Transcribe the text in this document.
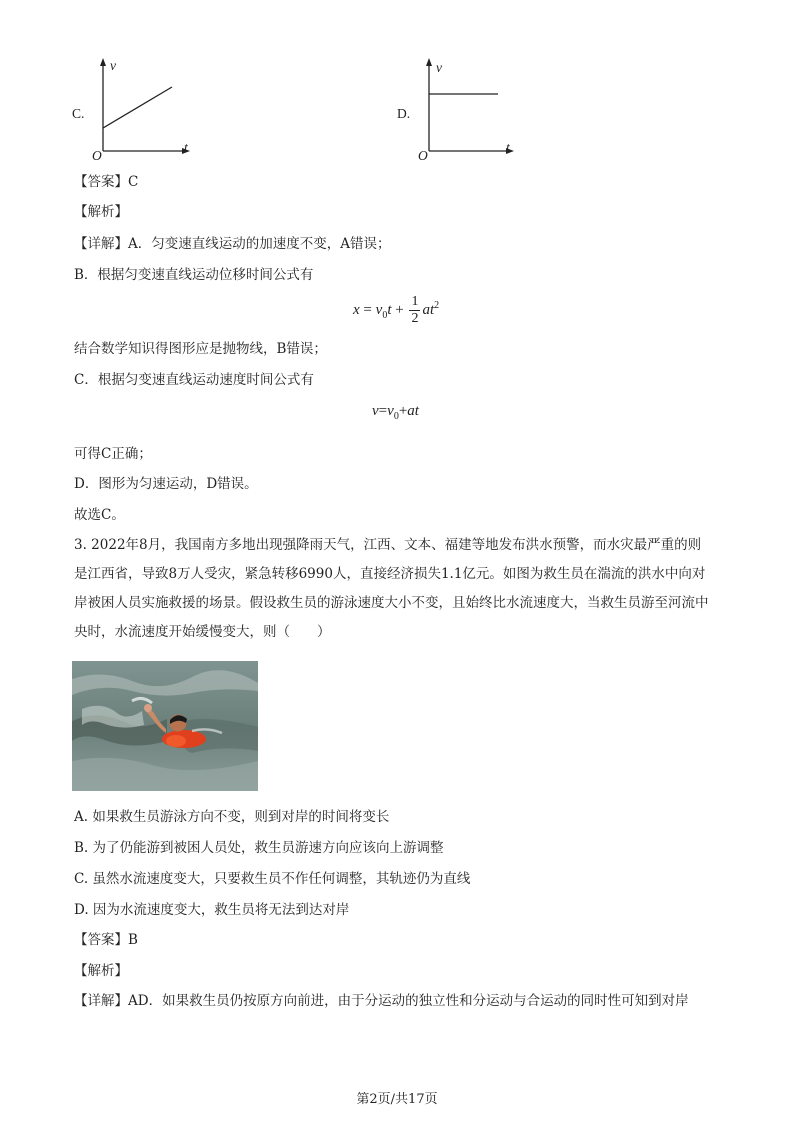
C.
v
t
O
D.
v
t
O
【答案】C
【解析】
【详解】A．匀变速直线运动的加速度不变，A错误；
B．根据匀变速直线运动位移时间公式有
$x = v_0t + \frac{1}{2} at^2$
结合数学知识得图形应是抛物线，B错误；
C．根据匀变速直线运动速度时间公式有
$v=v_0+at$
可得C正确；
D．图形为匀速运动，D错误。
故选C。
3. 2022年8月，我国南方多地出现强降雨天气，江西、文本、福建等地发布洪水预警，而水灾最严重的则是江西省，导致8万人受灾，紧急转移6990人，直接经济损失1.1亿元。如图为救生员在湍流的洪水中向对岸被困人员实施救援的场景。假设救生员的游泳速度大小不变，且始终比水流速度大，当救生员游至河流中央时，水流速度开始缓慢变大，则（　　）
A. 如果救生员游泳方向不变，则到对岸的时间将变长
B. 为了仍能游到被困人员处，救生员游速方向应该向上游调整
C. 虽然水流速度变大，只要救生员不作任何调整，其轨迹仍为直线
D. 因为水流速度变大，救生员将无法到达对岸
【答案】B
【解析】
【详解】AD．如果救生员仍按原方向前进，由于分运动的独立性和分运动与合运动的同时性可知到对岸
第2页/共17页
